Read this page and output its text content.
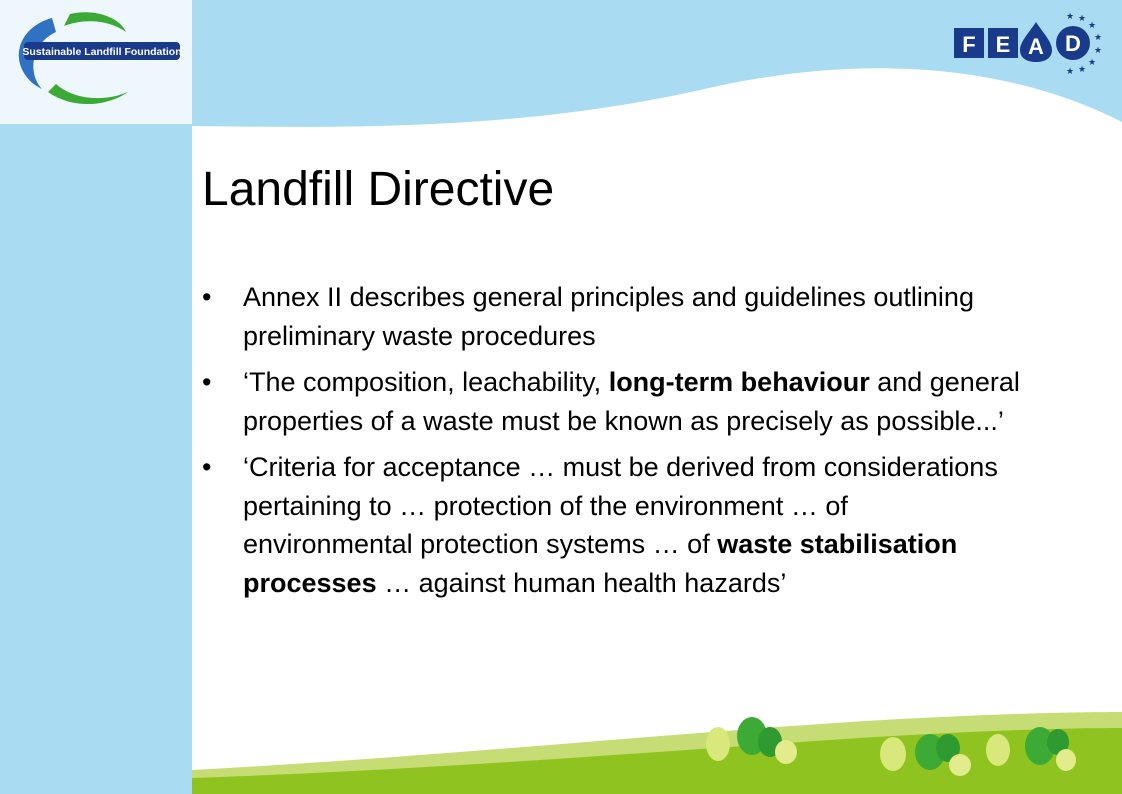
Sustainable Landfill Foundation	F E A D
★ ★
★
★
★
★
★
★
Landfill Directive
• Annex II describes general principles and guidelines outlining preliminary waste procedures
• ‘The composition, leachability, long-term behaviour and general properties of a waste must be known as precisely as possible...’
• ‘Criteria for acceptance … must be derived from considerations pertaining to … protection of the environment … of environmental protection systems … of waste stabilisation processes … against human health hazards’
